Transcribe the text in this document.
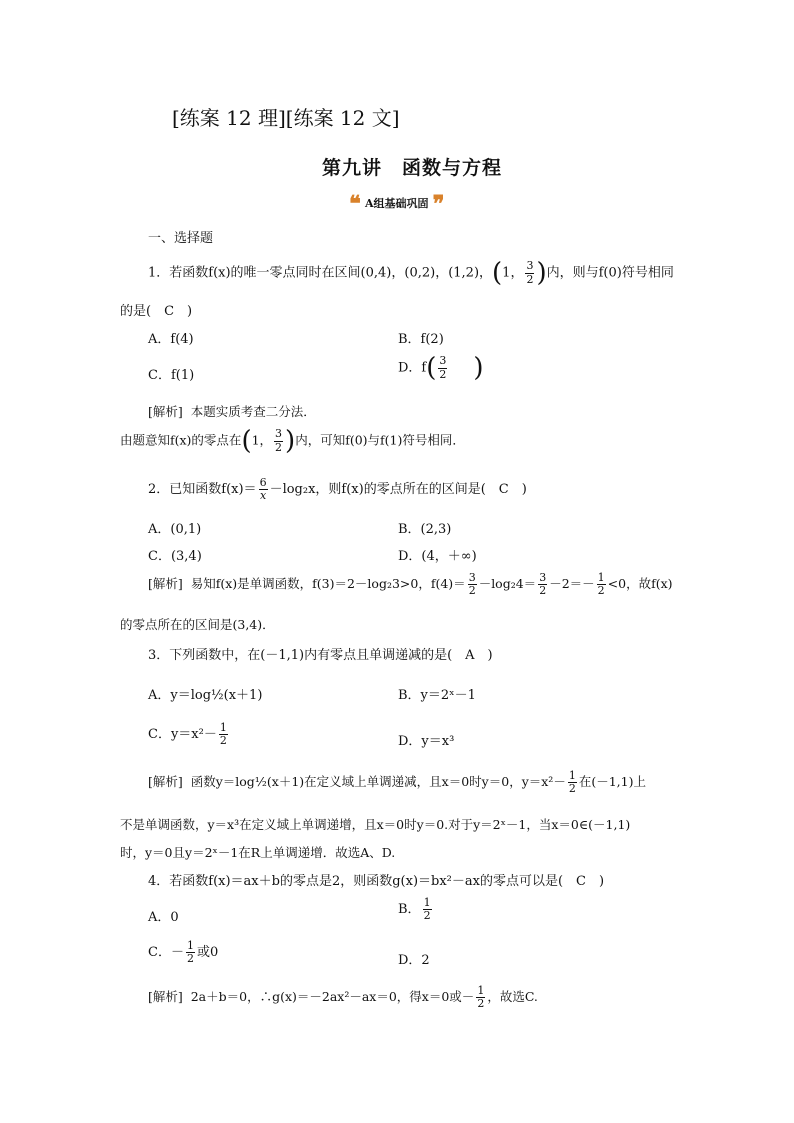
[练案 12 理][练案 12 文]
第九讲　函数与方程
❝ $^{A组基础巩固}$ ❞
一、选择题
1．若函数f(x)的唯一零点同时在区间(0,4)，(0,2)，(1,2)，(1， $\frac{3}{2}$ )内，则与f(0)符号相同
的是(　C　)
A．f(4)	B．f(2)
C．f(1)	D．$f( \frac{3}{2}$ )
[解析] 本题实质考查二分法．
由题意知f(x)的零点在(1， $\frac{3}{2}$ )内，可知f(0)与f(1)符号相同．
2．已知函数$f(x)= \frac{6}{x} -\log_2x$，则f(x)的零点所在的区间是(　C　)
A．(0,1)	B．(2,3)
C．(3,4)	D．(4，＋∞)
[解析] 易知f(x)是单调函数，f(3)＝2－log₂3>0，$f(4)= \frac{3}{2} -\log_24= \frac{3}{2} -2=- \frac{1}{2} <0$，故f(x)
的零点所在的区间是(3,4)．
3．下列函数中，在(－1,1)内有零点且单调递减的是(　A　)
A．y＝log½(x＋1)	B．y＝2ˣ－1
C．$y=x^2- \frac{1}{2}$	D．y＝x³
[解析] 函数y＝log½(x＋1)在定义域上单调递减，且x＝0时y＝0，$y=x^2- \frac{1}{2}$ 在(－1,1)上
不是单调函数，y＝x³在定义域上单调递增，且x＝0时y＝0.对于y＝2ˣ－1，当x＝0∈(－1,1)
时，y＝0且y＝2ˣ－1在R上单调递增．故选A、D.
4．若函数f(x)＝ax＋b的零点是2，则函数g(x)＝bx²－ax的零点可以是(　C　)
A．0
B． $\frac{1}{2}$
C．－ $\frac{1}{2}$ 或0
D．2
[解析] 2a＋b＝0，∴g(x)＝－2ax²－ax＝0，得x＝0或－ $\frac{1}{2}$ ，故选C.
